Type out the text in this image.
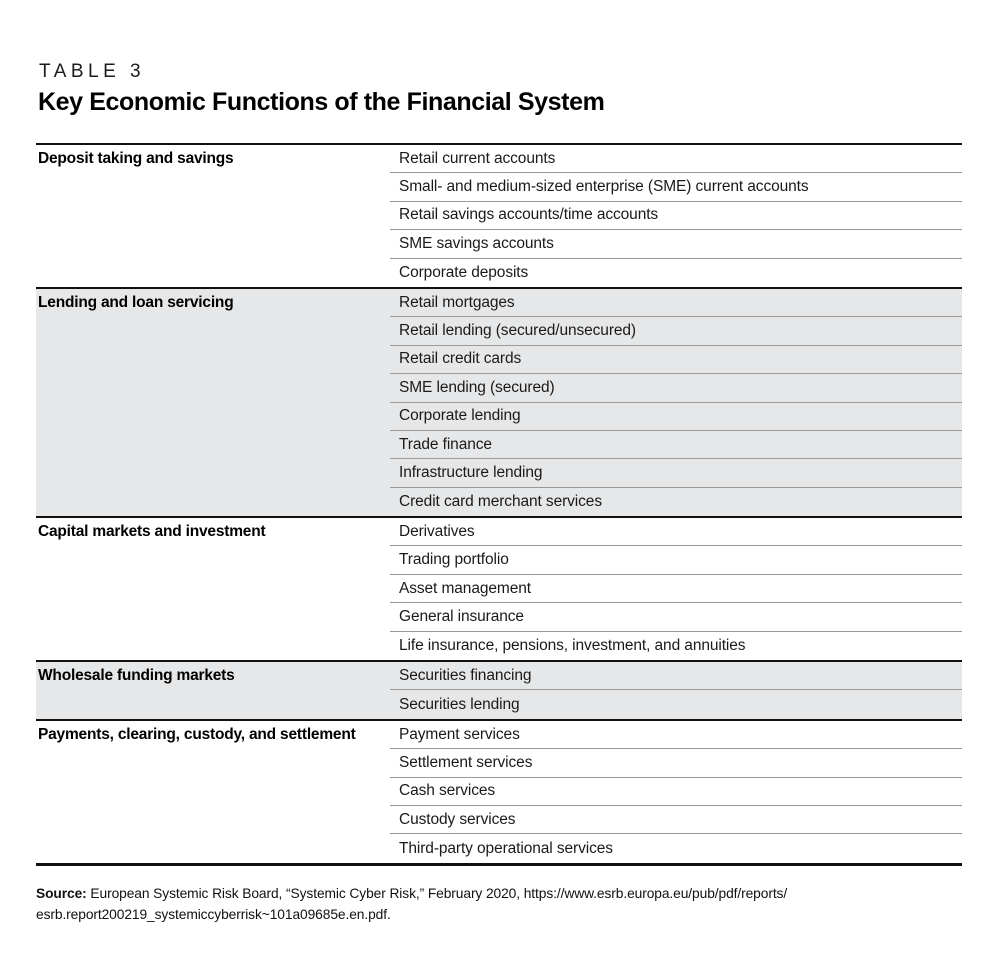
TABLE 3
Key Economic Functions of the Financial System
Deposit taking and savings	Retail current accounts
Small- and medium-sized enterprise (SME) current accounts
Retail savings accounts/time accounts
SME savings accounts
Corporate deposits
Lending and loan servicing	Retail mortgages
Retail lending (secured/unsecured)
Retail credit cards
SME lending (secured)
Corporate lending
Trade finance
Infrastructure lending
Credit card merchant services
Capital markets and investment	Derivatives
Trading portfolio
Asset management
General insurance
Life insurance, pensions, investment, and annuities
Wholesale funding markets	Securities financing
Securities lending
Payments, clearing, custody, and settlement	Payment services
Settlement services
Cash services
Custody services
Third-party operational services
Source: European Systemic Risk Board, “Systemic Cyber Risk,” February 2020, https://www.esrb.europa.eu/pub/pdf/reports/
esrb.report200219_systemiccyberrisk~101a09685e.en.pdf.
